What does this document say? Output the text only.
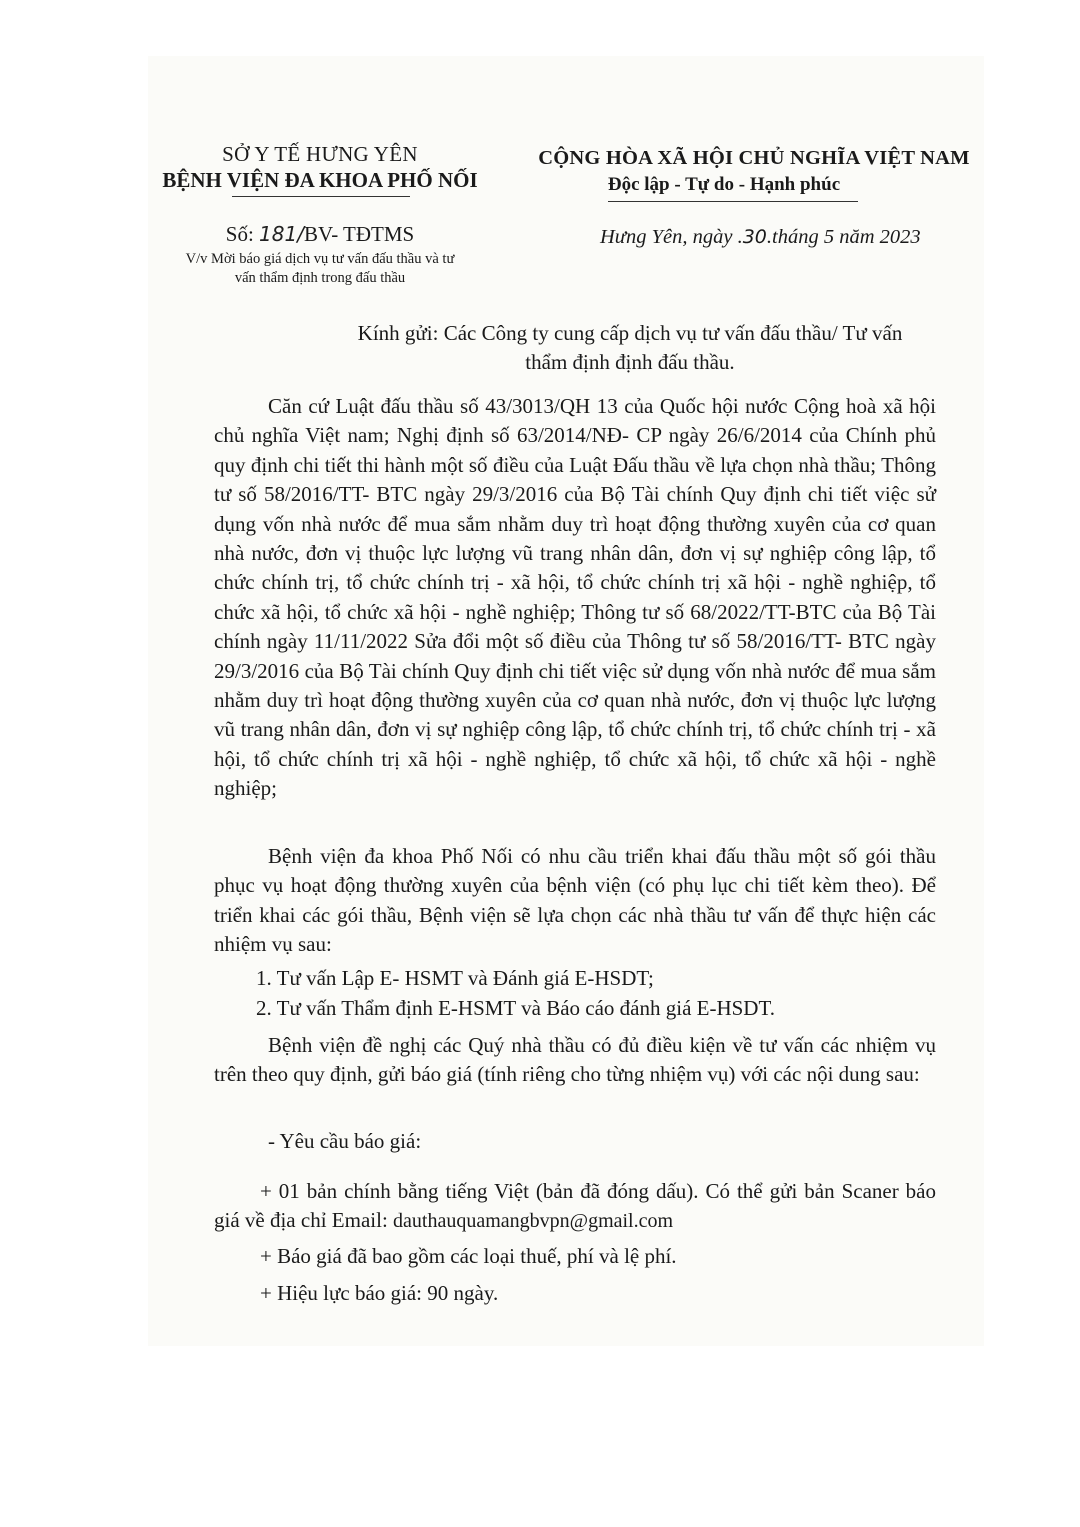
SỞ Y TẾ HƯNG YÊN
BỆNH VIỆN ĐA KHOA PHỐ NỐI
Số: 181/BV- TĐTMS
V/v Mời báo giá dịch vụ tư vấn đấu thầu và tư
vấn thẩm định trong đấu thầu
CỘNG HÒA XÃ HỘI CHỦ NGHĨA VIỆT NAM
Độc lập - Tự do - Hạnh phúc
Hưng Yên, ngày .30.tháng 5 năm 2023
Kính gửi: Các Công ty cung cấp dịch vụ tư vấn đấu thầu/ Tư vấn
thẩm định định đấu thầu.

Căn cứ Luật đấu thầu số 43/3013/QH 13 của Quốc hội nước Cộng hoà xã hội chủ nghĩa Việt nam; Nghị định số 63/2014/NĐ- CP ngày 26/6/2014 của Chính phủ quy định chi tiết thi hành một số điều của Luật Đấu thầu về lựa chọn nhà thầu; Thông tư số 58/2016/TT- BTC ngày 29/3/2016 của Bộ Tài chính Quy định chi tiết việc sử dụng vốn nhà nước để mua sắm nhằm duy trì hoạt động thường xuyên của cơ quan nhà nước, đơn vị thuộc lực lượng vũ trang nhân dân, đơn vị sự nghiệp công lập, tổ chức chính trị, tổ chức chính trị - xã hội, tổ chức chính trị xã hội - nghề nghiệp, tổ chức xã hội, tổ chức xã hội - nghề nghiệp; Thông tư số 68/2022/TT-BTC của Bộ Tài chính ngày 11/11/2022 Sửa đổi một số điều của Thông tư số 58/2016/TT- BTC ngày 29/3/2016 của Bộ Tài chính Quy định chi tiết việc sử dụng vốn nhà nước để mua sắm nhằm duy trì hoạt động thường xuyên của cơ quan nhà nước, đơn vị thuộc lực lượng vũ trang nhân dân, đơn vị sự nghiệp công lập, tổ chức chính trị, tổ chức chính trị - xã hội, tổ chức chính trị xã hội - nghề nghiệp, tổ chức xã hội, tổ chức xã hội - nghề nghiệp;

Bệnh viện đa khoa Phố Nối có nhu cầu triển khai đấu thầu một số gói thầu phục vụ hoạt động thường xuyên của bệnh viện (có phụ lục chi tiết kèm theo). Để triển khai các gói thầu, Bệnh viện sẽ lựa chọn các nhà thầu tư vấn để thực hiện các nhiệm vụ sau:

1. Tư vấn Lập E- HSMT và Đánh giá E-HSDT;
2. Tư vấn Thẩm định E-HSMT và Báo cáo đánh giá E-HSDT.

Bệnh viện đề nghị các Quý nhà thầu có đủ điều kiện về tư vấn các nhiệm vụ trên theo quy định, gửi báo giá (tính riêng cho từng nhiệm vụ) với các nội dung sau:

- Yêu cầu báo giá:

+ 01 bản chính bằng tiếng Việt (bản đã đóng dấu). Có thể gửi bản Scaner báo giá về địa chỉ Email: dauthauquamangbvpn@gmail.com

+ Báo giá đã bao gồm các loại thuế, phí và lệ phí.

+ Hiệu lực báo giá: 90 ngày.
